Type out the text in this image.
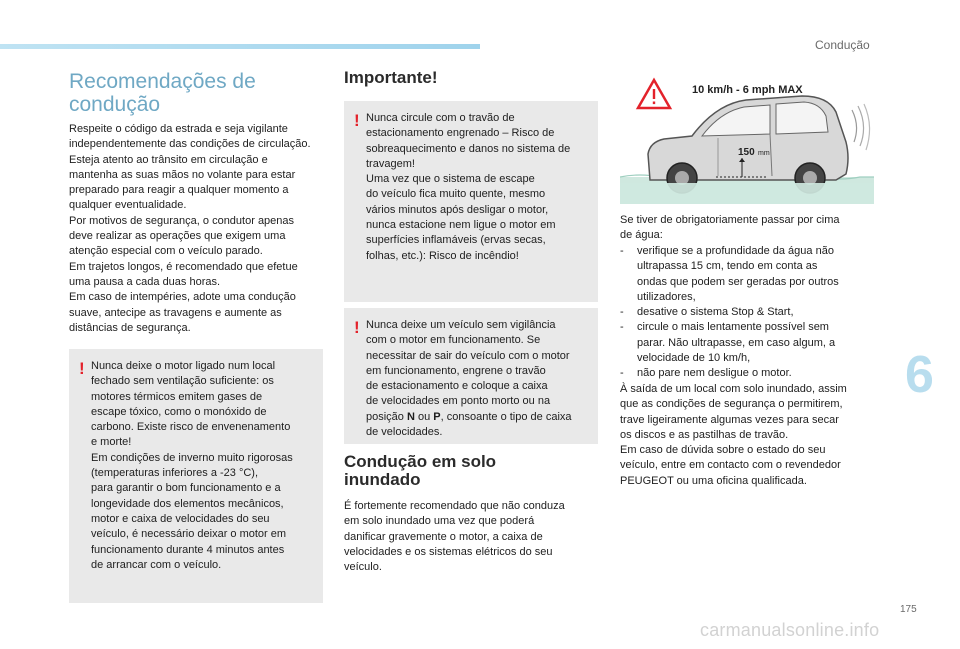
Condução
6
175
carmanualsonline.info
Recomendações de
condução
Respeite o código da estrada e seja vigilante
independentemente das condições de circulação.
Esteja atento ao trânsito em circulação e
mantenha as suas mãos no volante para estar
preparado para reagir a qualquer momento a
qualquer eventualidade.
Por motivos de segurança, o condutor apenas
deve realizar as operações que exigem uma
atenção especial com o veículo parado.
Em trajetos longos, é recomendado que efetue
uma pausa a cada duas horas.
Em caso de intempéries, adote uma condução
suave, antecipe as travagens e aumente as
distâncias de segurança.
! Nunca deixe o motor ligado num local
fechado sem ventilação suficiente: os
motores térmicos emitem gases de
escape tóxico, como o monóxido de
carbono. Existe risco de envenenamento
e morte!
Em condições de inverno muito rigorosas
(temperaturas inferiores a -23 °C),
para garantir o bom funcionamento e a
longevidade dos elementos mecânicos,
motor e caixa de velocidades do seu
veículo, é necessário deixar o motor em
funcionamento durante 4 minutos antes
de arrancar com o veículo.
Importante!
! Nunca circule com o travão de
estacionamento engrenado – Risco de
sobreaquecimento e danos no sistema de
travagem!
Uma vez que o sistema de escape
do veículo fica muito quente, mesmo
vários minutos após desligar o motor,
nunca estacione nem ligue o motor em
superfícies inflamáveis (ervas secas,
folhas, etc.): Risco de incêndio!
! Nunca deixe um veículo sem vigilância
com o motor em funcionamento. Se
necessitar de sair do veículo com o motor
em funcionamento, engrene o travão
de estacionamento e coloque a caixa
de velocidades em ponto morto ou na
posição N ou P, consoante o tipo de caixa
de velocidades.
Condução em solo
inundado
É fortemente recomendado que não conduza
em solo inundado uma vez que poderá
danificar gravemente o motor, a caixa de
velocidades e os sistemas elétricos do seu
veículo.
150 mm
10 km/h - 6 mph MAX
Se tiver de obrigatoriamente passar por cima
de água:
-	verifique se a profundidade da água não
ultrapassa 15 cm, tendo em conta as
ondas que podem ser geradas por outros
utilizadores,
-	desative o sistema Stop & Start,
-	circule o mais lentamente possível sem
parar. Não ultrapasse, em caso algum, a
velocidade de 10 km/h,
-	não pare nem desligue o motor.
À saída de um local com solo inundado, assim
que as condições de segurança o permitirem,
trave ligeiramente algumas vezes para secar
os discos e as pastilhas de travão.
Em caso de dúvida sobre o estado do seu
veículo, entre em contacto com o revendedor
PEUGEOT ou uma oficina qualificada.
